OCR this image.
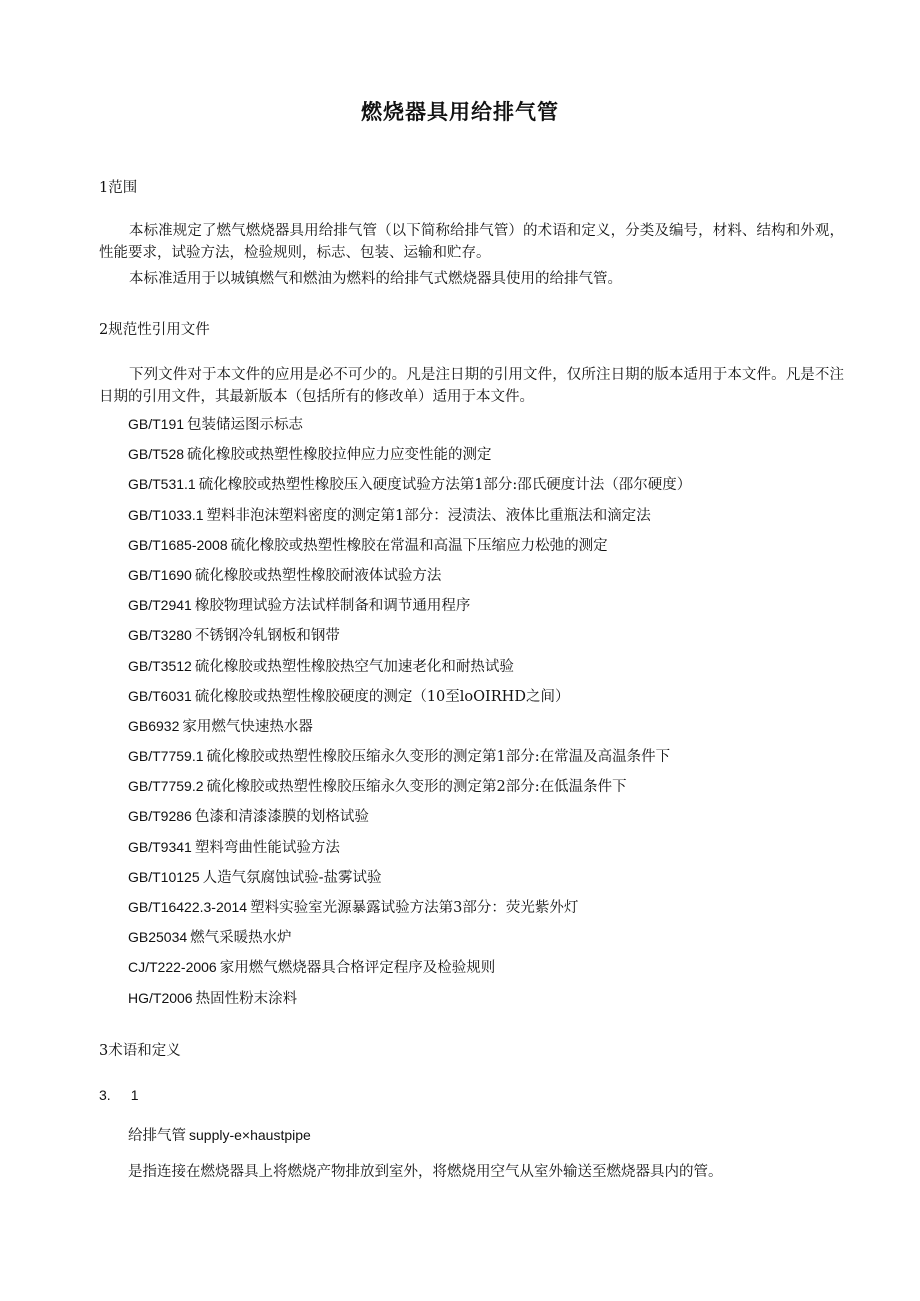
燃烧器具用给排气管
1范围
本标准规定了燃气燃烧器具用给排气管（以下简称给排气管）的术语和定义，分类及编号，材料、结构和外观，性能要求，试验方法，检验规则，标志、包装、运输和贮存。
本标准适用于以城镇燃气和燃油为燃料的给排气式燃烧器具使用的给排气管。
2规范性引用文件
下列文件对于本文件的应用是必不可少的。凡是注日期的引用文件，仅所注日期的版本适用于本文件。凡是不注日期的引用文件，其最新版本（包括所有的修改单）适用于本文件。
GB/T191 包装储运图示标志
GB/T528 硫化橡胶或热塑性橡胶拉伸应力应变性能的测定
GB/T531.1 硫化橡胶或热塑性橡胶压入硬度试验方法第1部分:邵氏硬度计法（邵尔硬度）
GB/T1033.1 塑料非泡沫塑料密度的测定第1部分：浸渍法、液体比重瓶法和滴定法
GB/T1685-2008 硫化橡胶或热塑性橡胶在常温和高温下压缩应力松弛的测定
GB/T1690 硫化橡胶或热塑性橡胶耐液体试验方法
GB/T2941 橡胶物理试验方法试样制备和调节通用程序
GB/T3280 不锈钢冷轧钢板和钢带
GB/T3512 硫化橡胶或热塑性橡胶热空气加速老化和耐热试验
GB/T6031 硫化橡胶或热塑性橡胶硬度的测定（10至loOIRHD之间）
GB6932 家用燃气快速热水器
GB/T7759.1 硫化橡胶或热塑性橡胶压缩永久变形的测定第1部分:在常温及高温条件下
GB/T7759.2 硫化橡胶或热塑性橡胶压缩永久变形的测定第2部分:在低温条件下
GB/T9286 色漆和清漆漆膜的划格试验
GB/T9341 塑料弯曲性能试验方法
GB/T10125 人造气氛腐蚀试验-盐雾试验
GB/T16422.3-2014 塑料实验室光源暴露试验方法第3部分：荧光紫外灯
GB25034 燃气采暖热水炉
CJ/T222-2006 家用燃气燃烧器具合格评定程序及检验规则
HG/T2006 热固性粉末涂料
3术语和定义
3. 1
给排气管 supply-e×haustpipe
是指连接在燃烧器具上将燃烧产物排放到室外，将燃烧用空气从室外输送至燃烧器具内的管。
